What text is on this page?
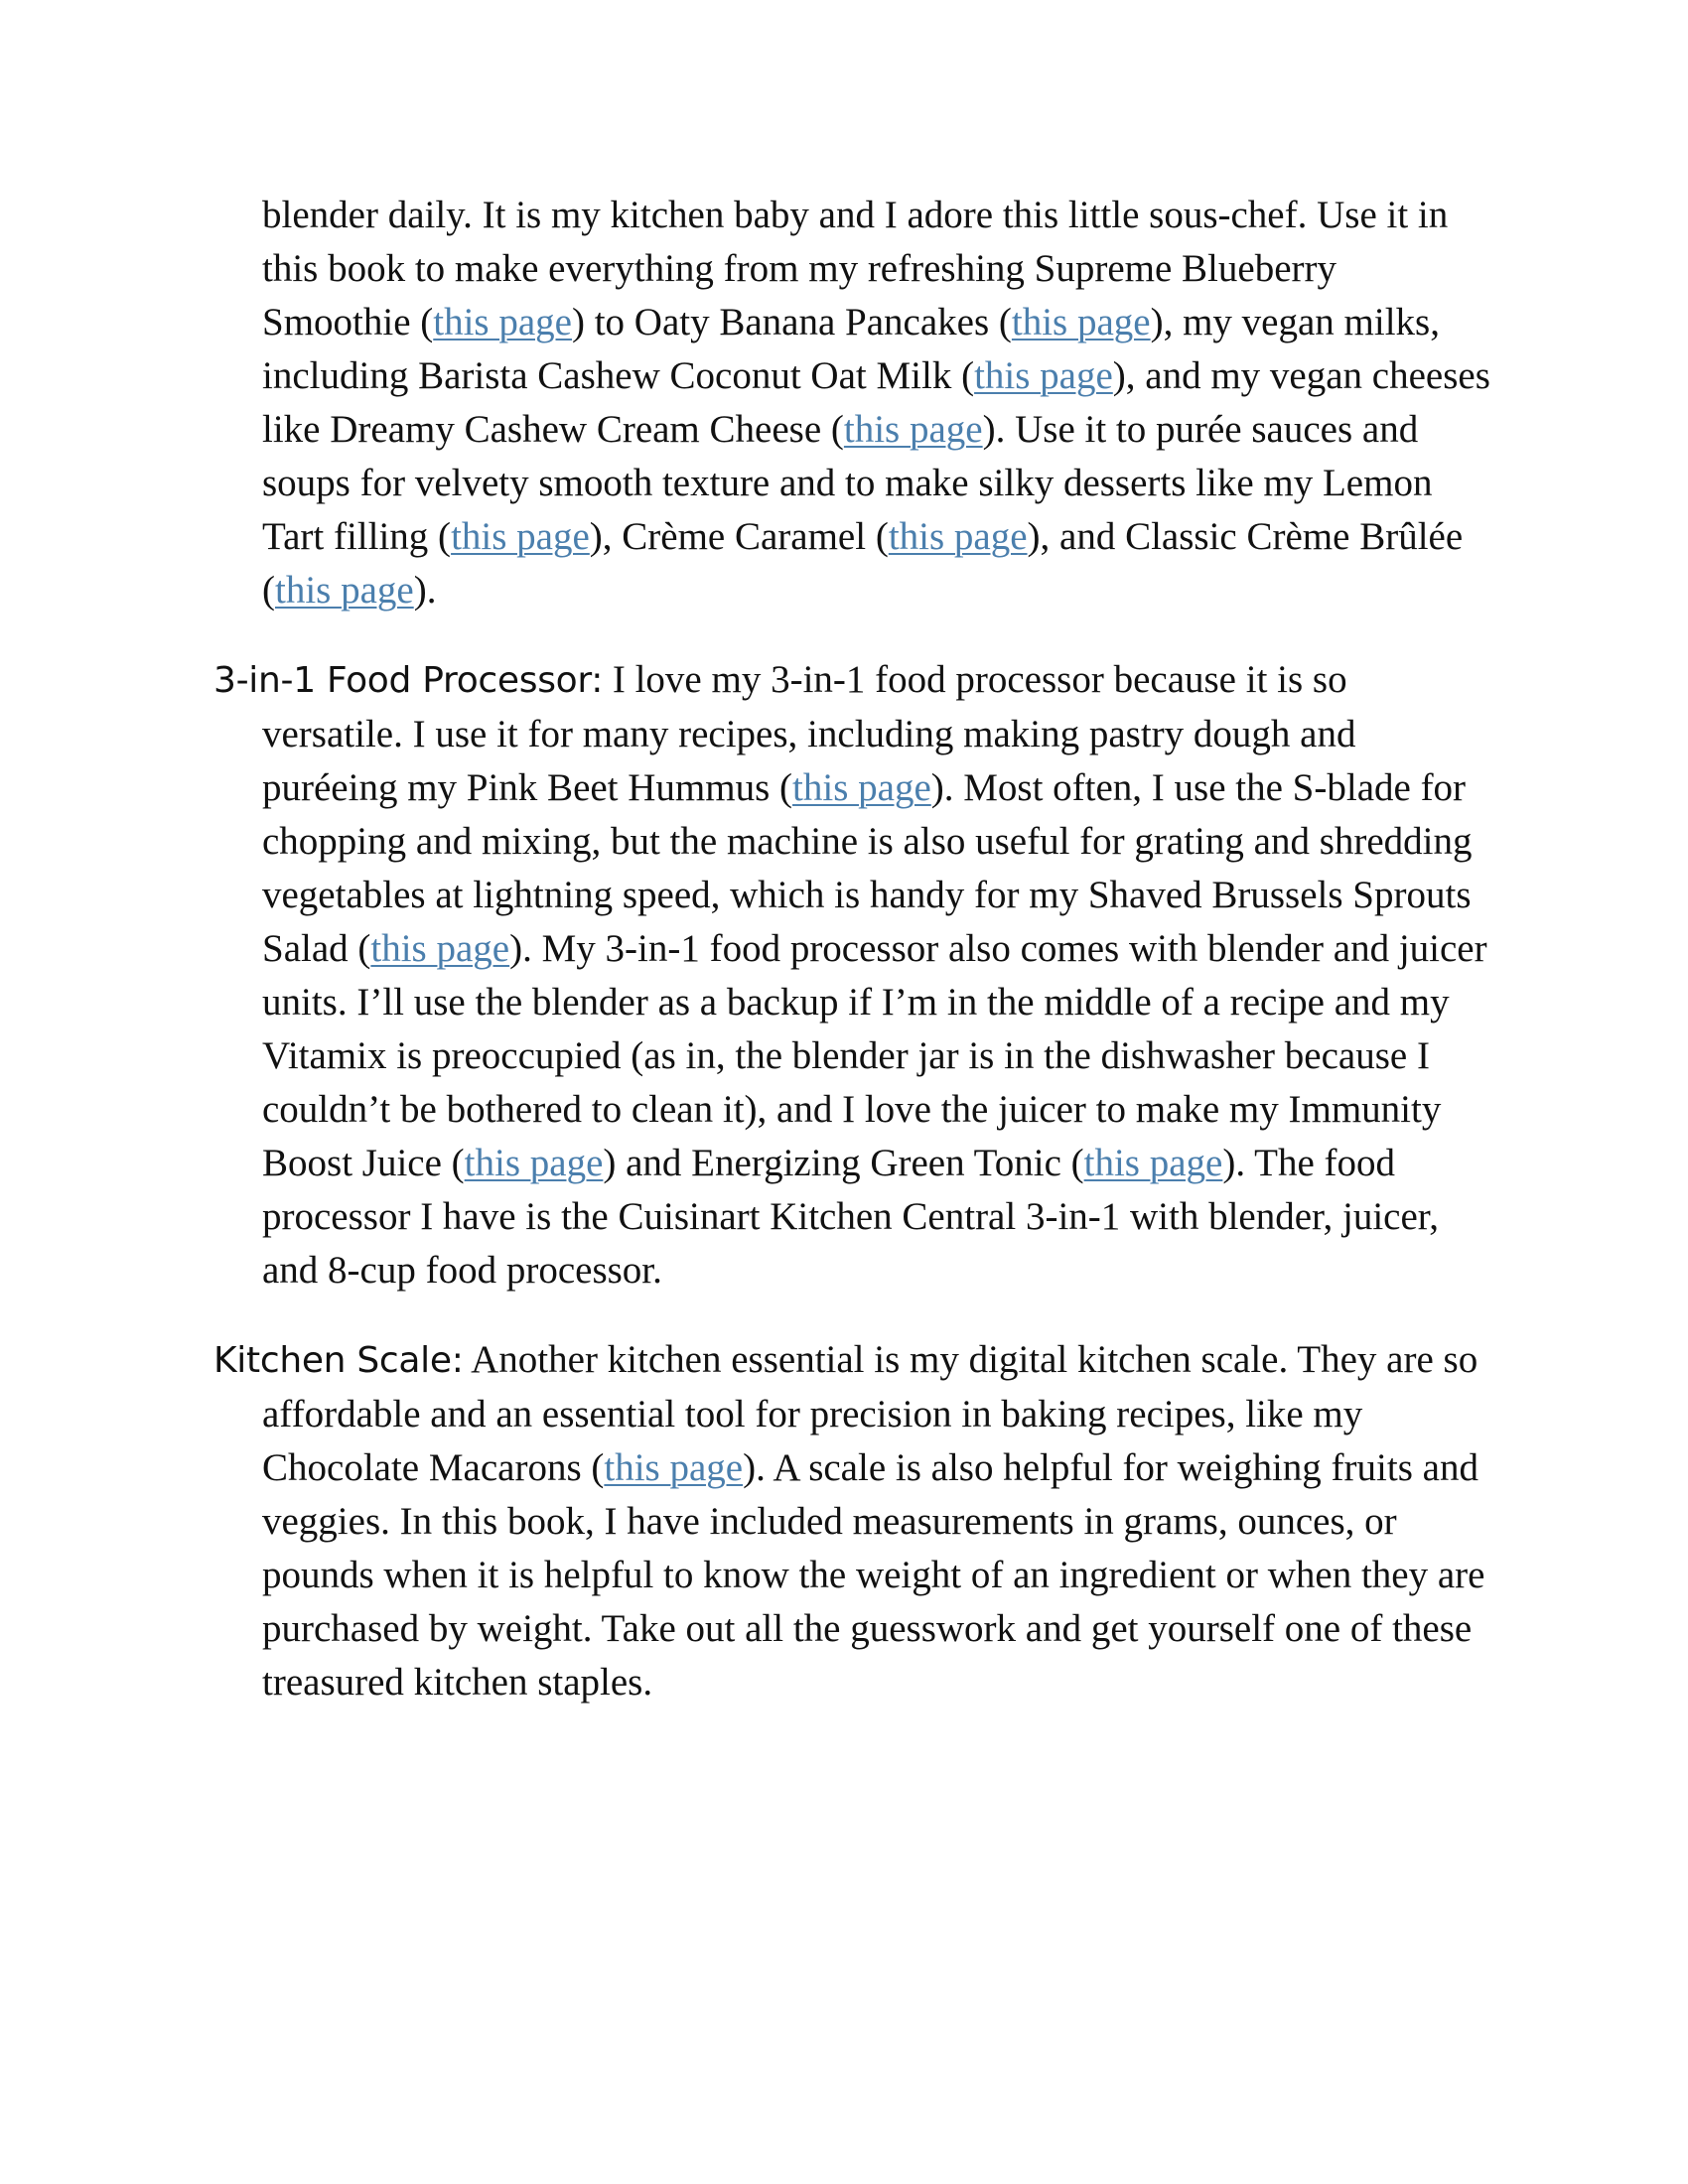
blender daily. It is my kitchen baby and I adore this little sous-chef. Use it in this book to make everything from my refreshing Supreme Blueberry Smoothie (this page) to Oaty Banana Pancakes (this page), my vegan milks, including Barista Cashew Coconut Oat Milk (this page), and my vegan cheeses like Dreamy Cashew Cream Cheese (this page). Use it to purée sauces and soups for velvety smooth texture and to make silky desserts like my Lemon Tart filling (this page), Crème Caramel (this page), and Classic Crème Brûlée (this page).

3-in-1 Food Processor: I love my 3-in-1 food processor because it is so versatile. I use it for many recipes, including making pastry dough and puréeing my Pink Beet Hummus (this page). Most often, I use the S-blade for chopping and mixing, but the machine is also useful for grating and shredding vegetables at lightning speed, which is handy for my Shaved Brussels Sprouts Salad (this page). My 3-in-1 food processor also comes with blender and juicer units. I’ll use the blender as a backup if I’m in the middle of a recipe and my Vitamix is preoccupied (as in, the blender jar is in the dishwasher because I couldn’t be bothered to clean it), and I love the juicer to make my Immunity Boost Juice (this page) and Energizing Green Tonic (this page). The food processor I have is the Cuisinart Kitchen Central 3-in-1 with blender, juicer, and 8-cup food processor.

Kitchen Scale: Another kitchen essential is my digital kitchen scale. They are so affordable and an essential tool for precision in baking recipes, like my Chocolate Macarons (this page). A scale is also helpful for weighing fruits and veggies. In this book, I have included measurements in grams, ounces, or pounds when it is helpful to know the weight of an ingredient or when they are purchased by weight. Take out all the guesswork and get yourself one of these treasured kitchen staples.
